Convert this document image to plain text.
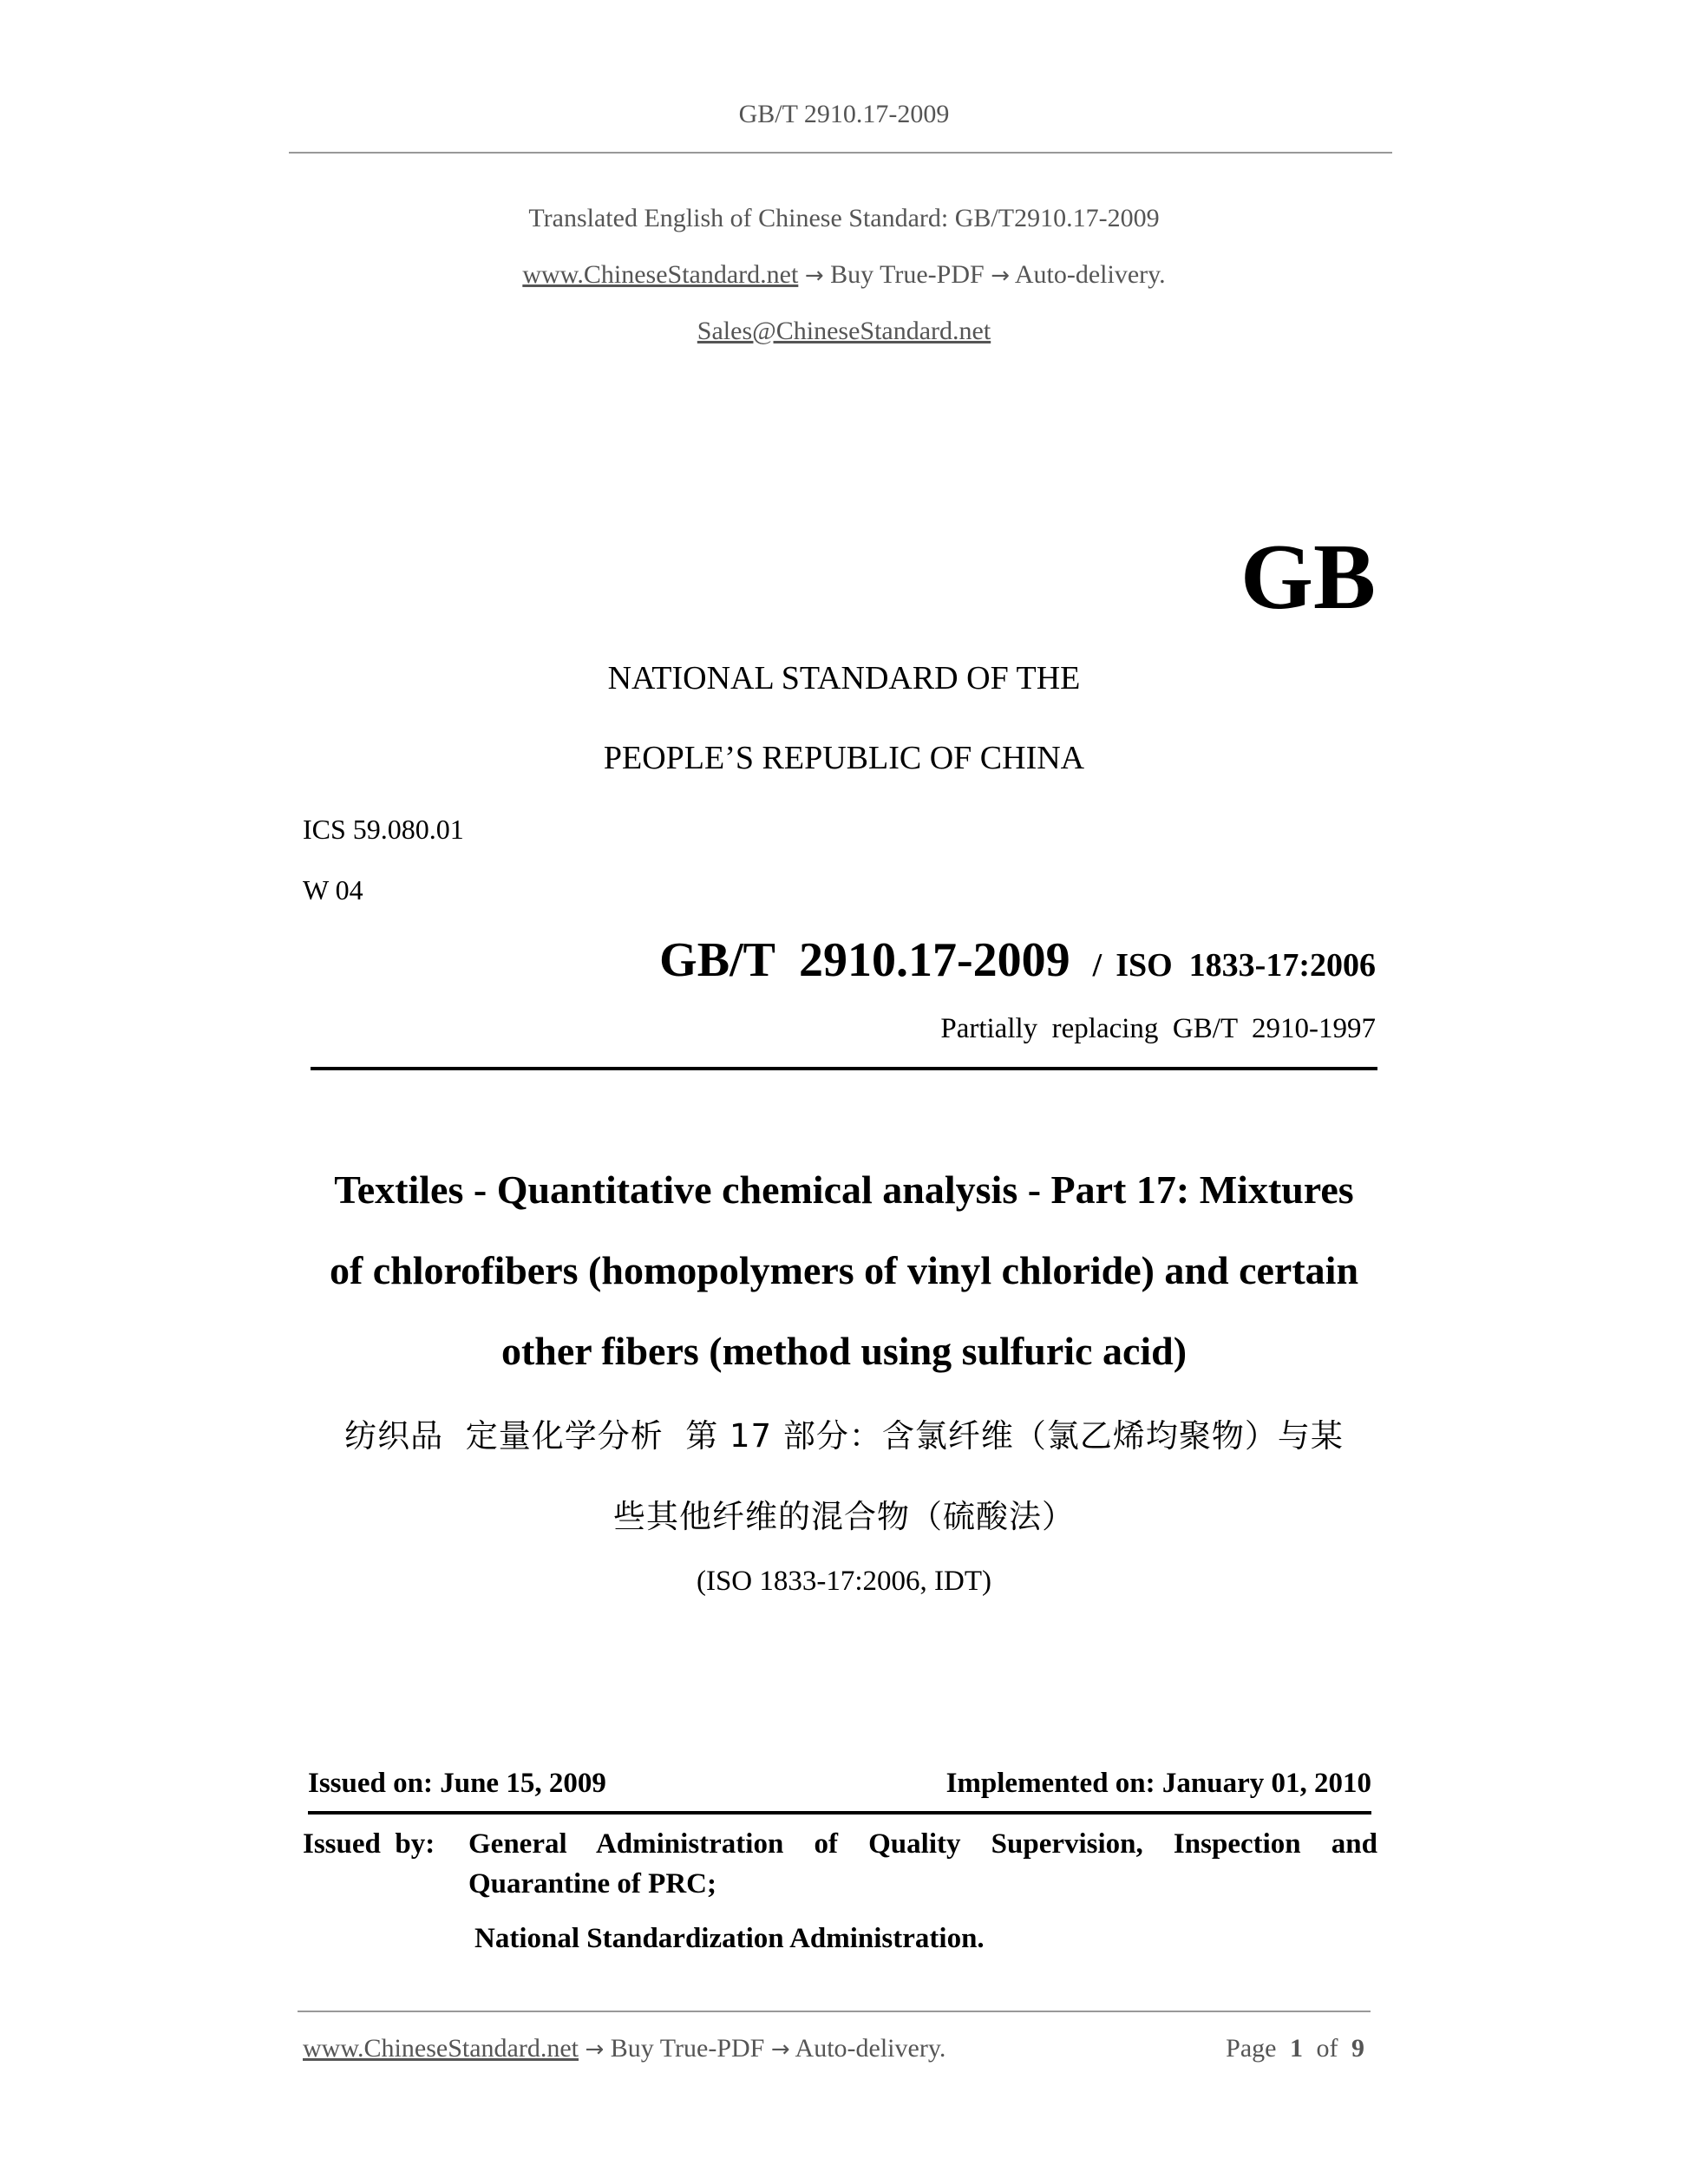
GB/T 2910.17-2009
Translated English of Chinese Standard: GB/T2910.17-2009
www.ChineseStandard.net → Buy True-PDF → Auto-delivery.
Sales@ChineseStandard.net
GB
NATIONAL STANDARD OF THE
PEOPLE’S REPUBLIC OF CHINA
ICS 59.080.01
W 04
GB/T  2910.17-2009 / ISO  1833-17:2006
Partially  replacing  GB/T  2910-1997
Textiles - Quantitative chemical analysis - Part 17: Mixtures
of chlorofibers (homopolymers of vinyl chloride) and certain
other fibers (method using sulfuric acid)
纺织品  定量化学分析  第 17 部分：含氯纤维（氯乙烯均聚物）与某
些其他纤维的混合物（硫酸法）
(ISO 1833-17:2006, IDT)
Issued on: June 15, 2009	Implemented on: January 01, 2010
Issued  by: General Administration of Quality Supervision, Inspection and
Quarantine of PRC;
National Standardization Administration.
www.ChineseStandard.net → Buy True-PDF → Auto-delivery.	Page 1 of 9
